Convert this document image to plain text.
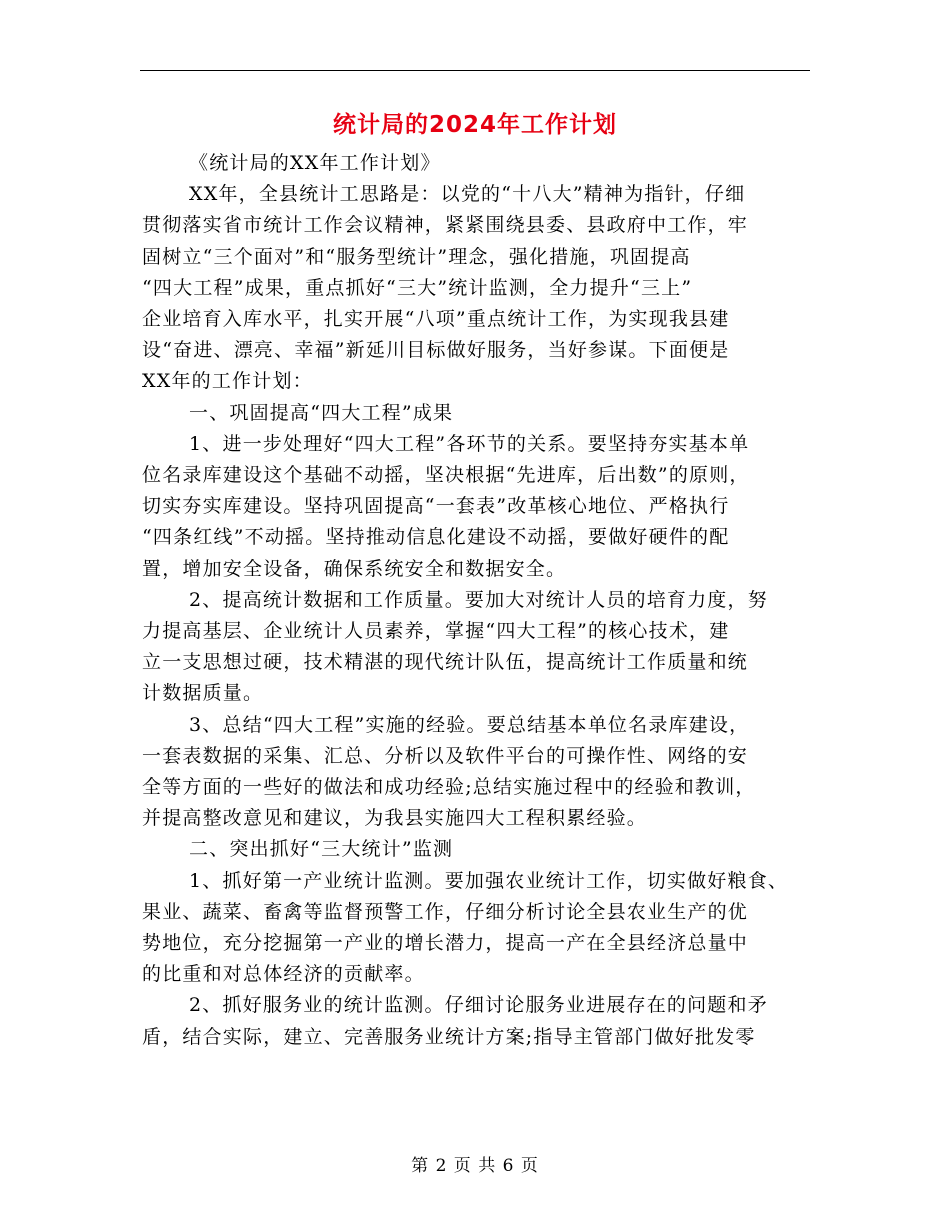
统计局的2024年工作计划

《统计局的XX年工作计划》

XX年，全县统计工思路是：以党的“十八大”精神为指针，仔细
贯彻落实省市统计工作会议精神，紧紧围绕县委、县政府中工作，牢
固树立“三个面对”和“服务型统计”理念，强化措施，巩固提高
“四大工程”成果，重点抓好“三大”统计监测，全力提升“三上”
企业培育入库水平，扎实开展“八项”重点统计工作，为实现我县建
设“奋进、漂亮、幸福”新延川目标做好服务，当好参谋。下面便是
XX年的工作计划：

一、巩固提高“四大工程”成果

1、进一步处理好“四大工程”各环节的关系。要坚持夯实基本单
位名录库建设这个基础不动摇，坚决根据“先进库，后出数”的原则，
切实夯实库建设。坚持巩固提高“一套表”改革核心地位、严格执行
“四条红线”不动摇。坚持推动信息化建设不动摇，要做好硬件的配
置，增加安全设备，确保系统安全和数据安全。

2、提高统计数据和工作质量。要加大对统计人员的培育力度，努
力提高基层、企业统计人员素养，掌握“四大工程”的核心技术，建
立一支思想过硬，技术精湛的现代统计队伍，提高统计工作质量和统
计数据质量。

3、总结“四大工程”实施的经验。要总结基本单位名录库建设，
一套表数据的采集、汇总、分析以及软件平台的可操作性、网络的安
全等方面的一些好的做法和成功经验;总结实施过程中的经验和教训，
并提高整改意见和建议，为我县实施四大工程积累经验。

二、突出抓好“三大统计”监测

1、抓好第一产业统计监测。要加强农业统计工作，切实做好粮食、
果业、蔬菜、畜禽等监督预警工作，仔细分析讨论全县农业生产的优
势地位，充分挖掘第一产业的增长潜力，提高一产在全县经济总量中
的比重和对总体经济的贡献率。

2、抓好服务业的统计监测。仔细讨论服务业进展存在的问题和矛
盾，结合实际，建立、完善服务业统计方案;指导主管部门做好批发零

第 2 页 共 6 页
